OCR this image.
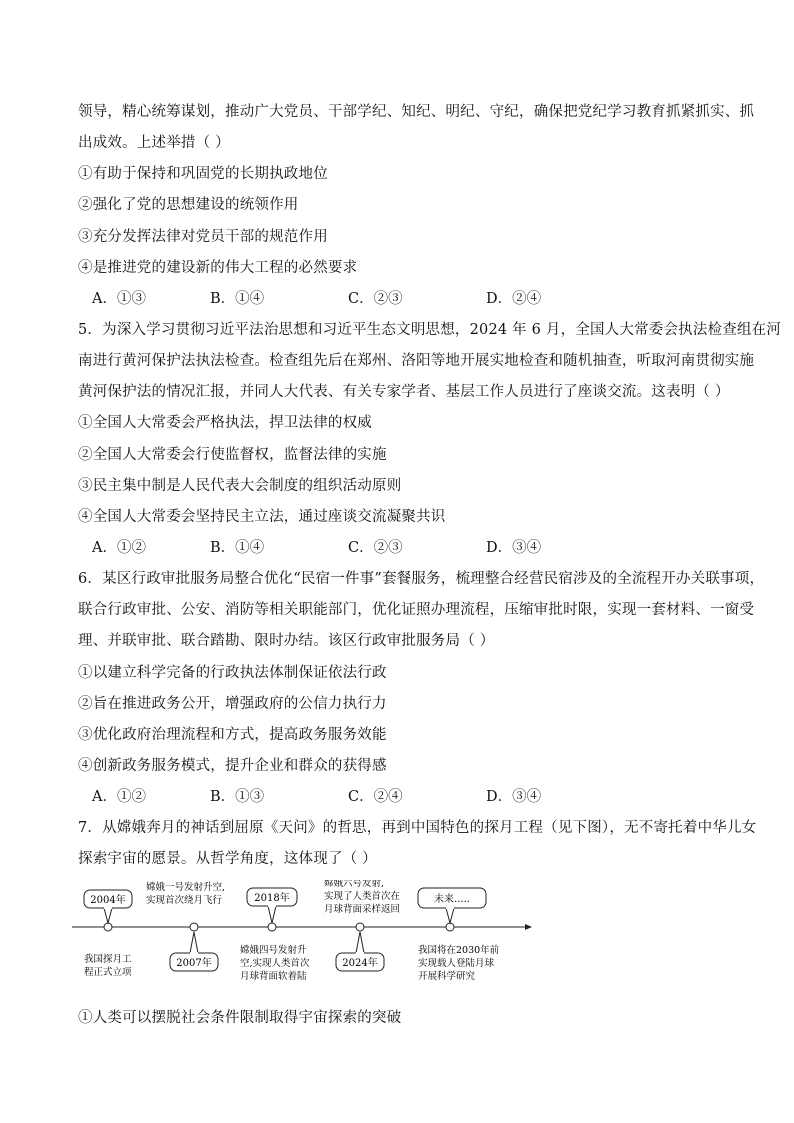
领导，精心统筹谋划，推动广大党员、干部学纪、知纪、明纪、守纪，确保把党纪学习教育抓紧抓实、抓
出成效。上述举措（ ）
①有助于保持和巩固党的长期执政地位
②强化了党的思想建设的统领作用
③充分发挥法律对党员干部的规范作用
④是推进党的建设新的伟大工程的必然要求
A．①③	B．①④	C．②③	D．②④
5．为深入学习贯彻习近平法治思想和习近平生态文明思想，2024 年 6 月，全国人大常委会执法检查组在河
南进行黄河保护法执法检查。检查组先后在郑州、洛阳等地开展实地检查和随机抽查，听取河南贯彻实施
黄河保护法的情况汇报，并同人大代表、有关专家学者、基层工作人员进行了座谈交流。这表明（ ）
①全国人大常委会严格执法，捍卫法律的权威
②全国人大常委会行使监督权，监督法律的实施
③民主集中制是人民代表大会制度的组织活动原则
④全国人大常委会坚持民主立法，通过座谈交流凝聚共识
A．①②	B．①④	C．②③	D．③④
6．某区行政审批服务局整合优化“民宿一件事”套餐服务，梳理整合经营民宿涉及的全流程开办关联事项，
联合行政审批、公安、消防等相关职能部门，优化证照办理流程，压缩审批时限，实现一套材料、一窗受
理、并联审批、联合踏勘、限时办结。该区行政审批服务局（ ）
①以建立科学完备的行政执法体制保证依法行政
②旨在推进政务公开，增强政府的公信力执行力
③优化政府治理流程和方式，提高政务服务效能
④创新政务服务模式，提升企业和群众的获得感
A．①②	B．①③	C．②④	D．③④
7．从嫦娥奔月的神话到屈原《天问》的哲思，再到中国特色的探月工程（见下图），无不寄托着中华儿女
探索宇宙的愿景。从哲学角度，这体现了（ ）
2004年	2018年	未来.....
2007年	2024年
嫦娥一号发射升空,
实现首次绕月飞行
嫦娥六号发射,
实现了人类首次在
月球背面采样返回
我国探月工
程正式立项
嫦娥四号发射升
空,实现人类首次
月球背面软着陆
我国将在2030年前
实现载人登陆月球
开展科学研究
①人类可以摆脱社会条件限制取得宇宙探索的突破
